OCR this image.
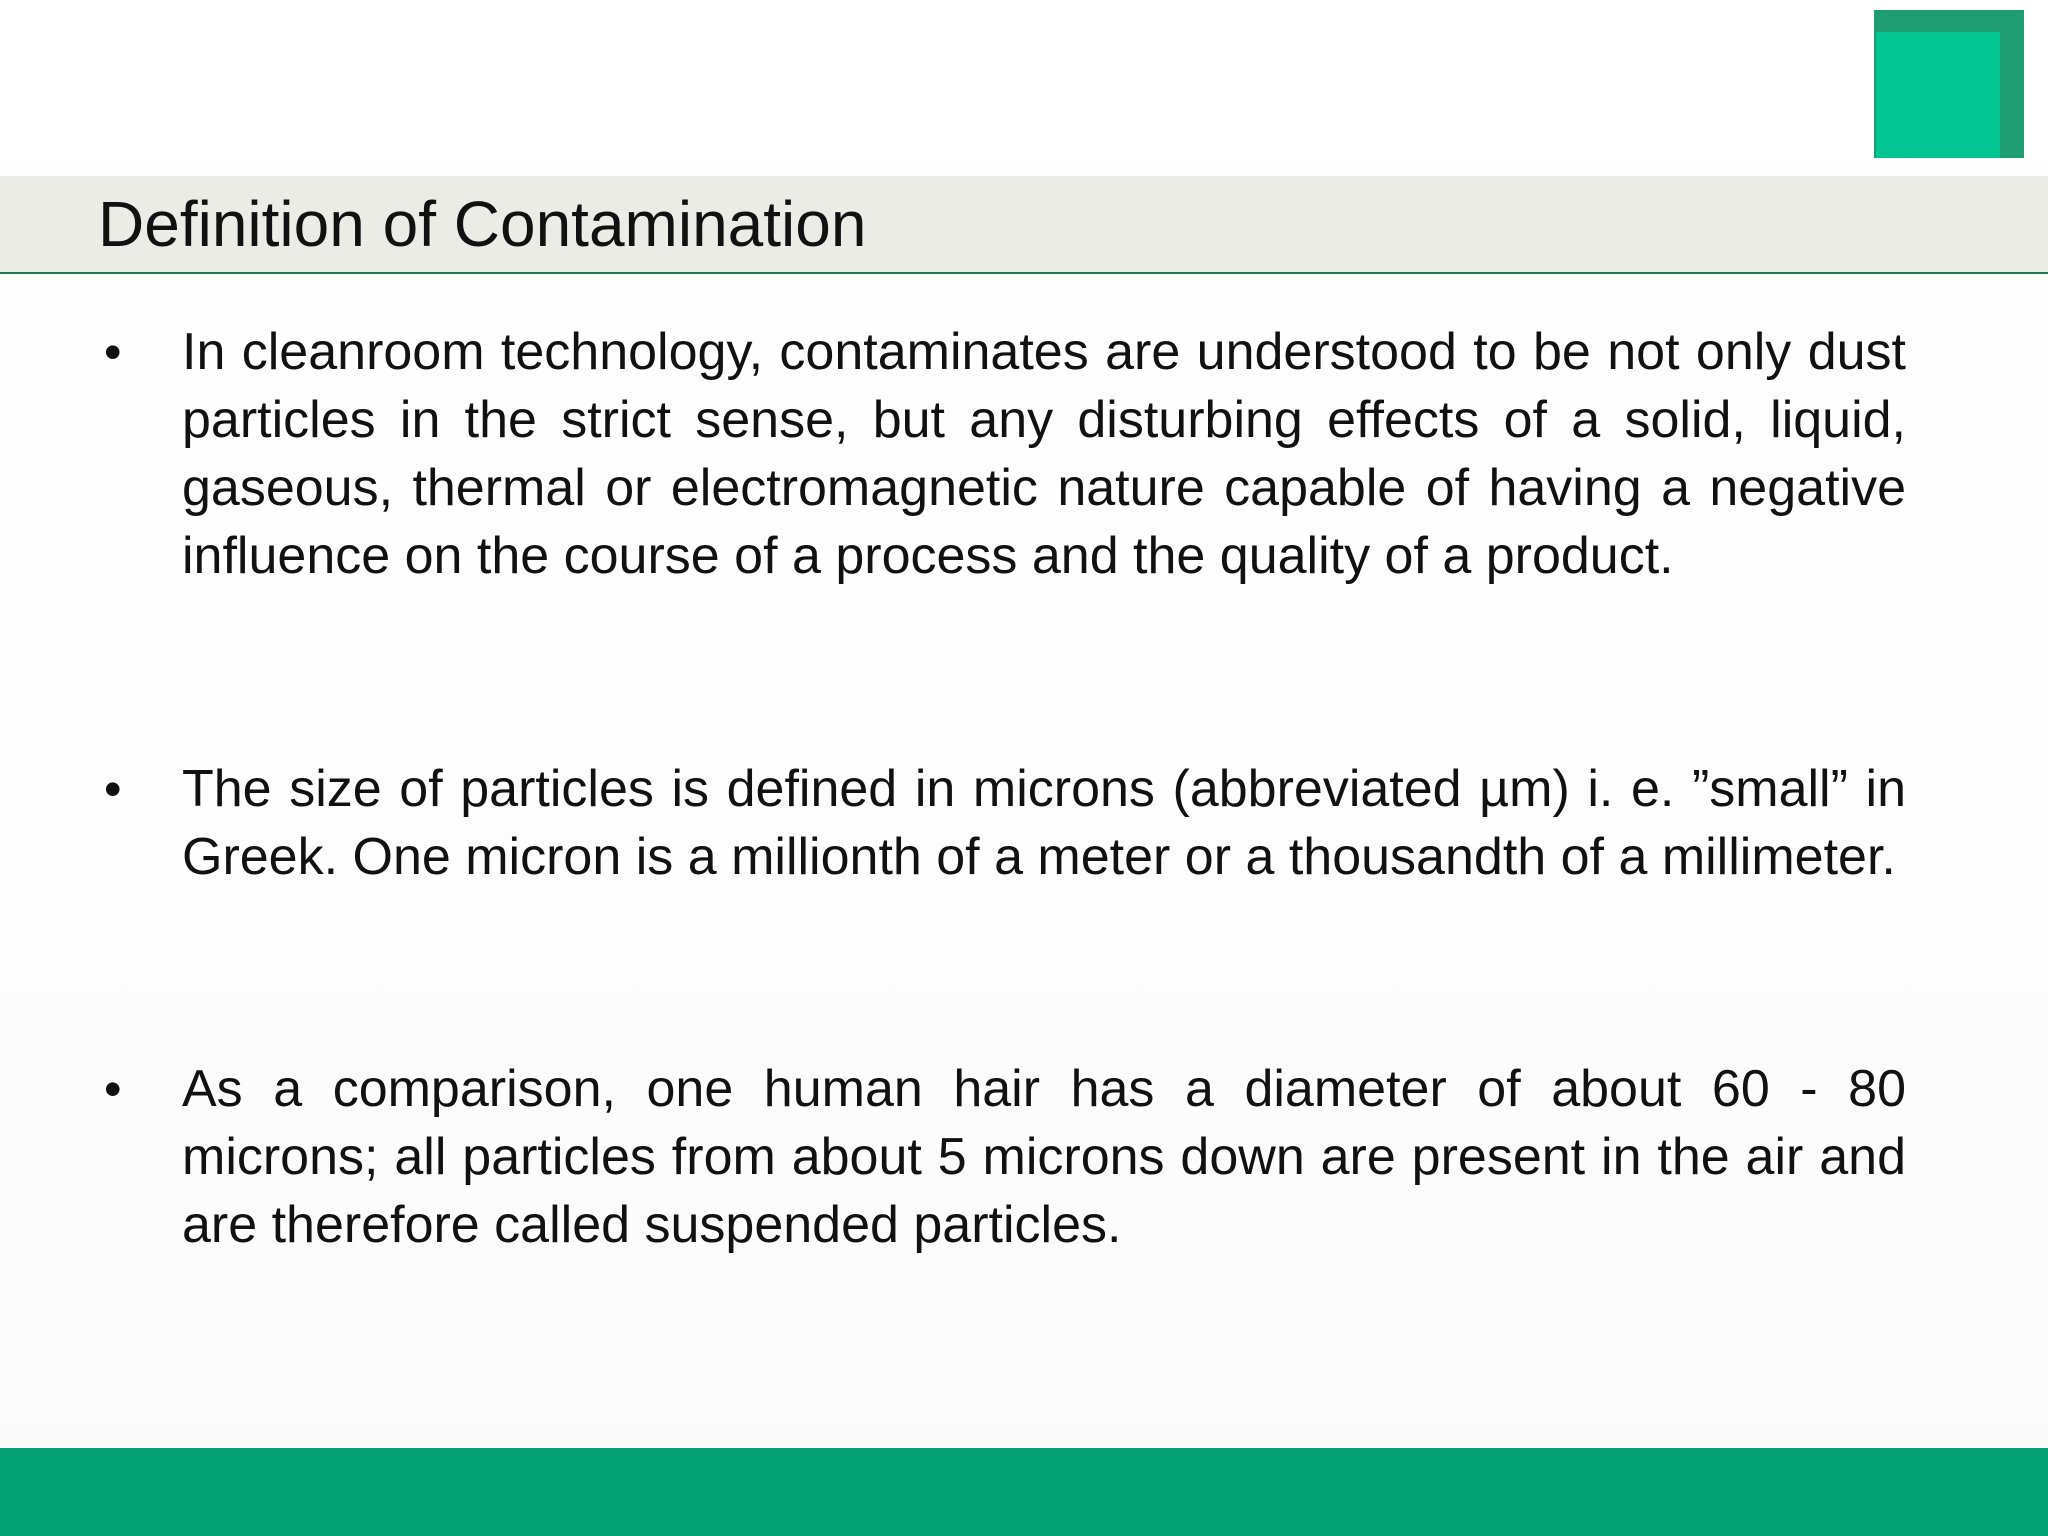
Definition of Contamination
• In cleanroom technology, contaminates are understood to be not only dust particles in the strict sense, but any disturbing effects of a solid, liquid, gaseous, thermal or electromagnetic nature capable of having a negative influence on the course of a process and the quality of a product.
• The size of particles is defined in microns (abbreviated µm) i. e. ”small” in Greek. One micron is a millionth of a meter or a thousandth of a millimeter.
• As a comparison, one human hair has a diameter of about 60 - 80 microns; all particles from about 5 microns down are present in the air and are therefore called suspended particles.
